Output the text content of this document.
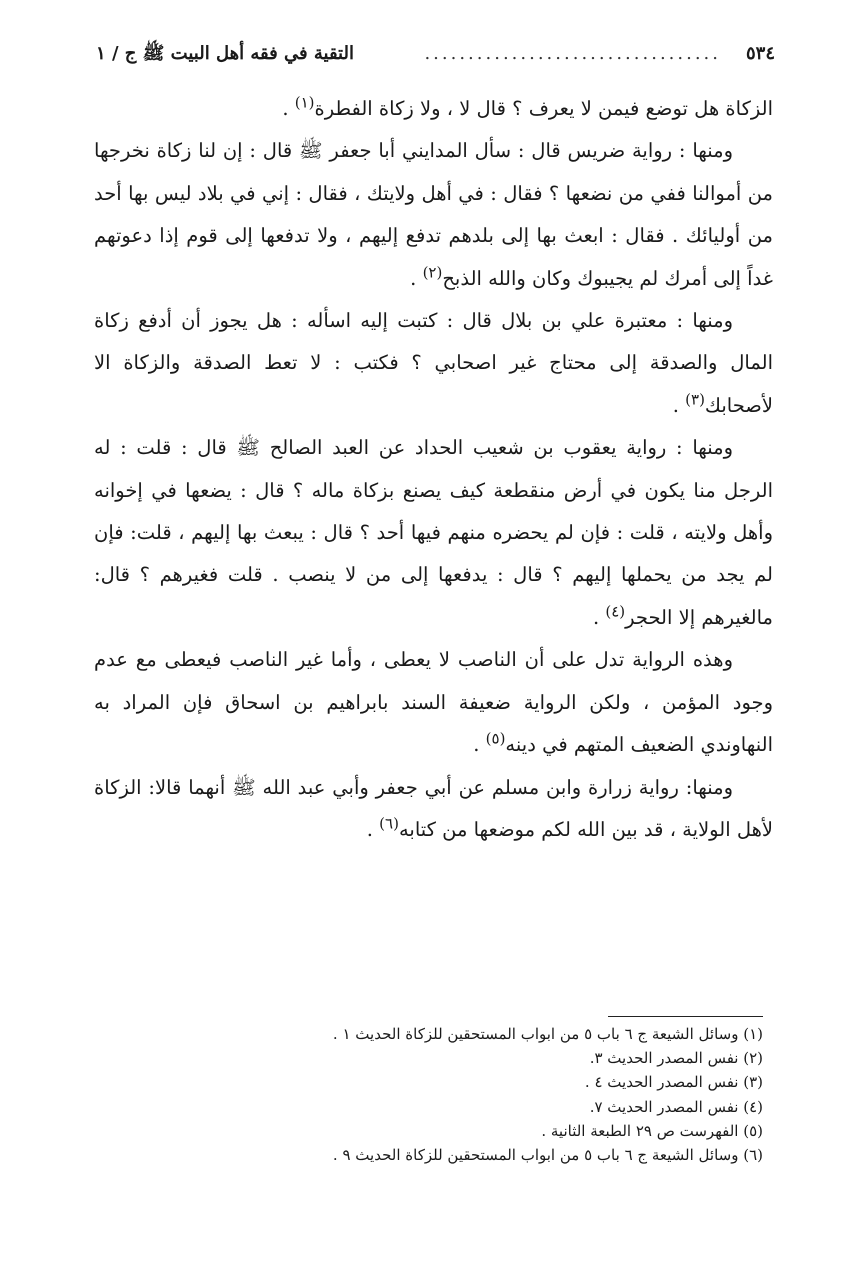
٥٣٤
..................................
التقية في فقه أهل البيت ﷺ ج / ١

الزكاة هل توضع فيمن لا يعرف ؟ قال لا ، ولا زكاة الفطرة$^{(١)}$ .

ومنها : رواية ضريس قال : سأل المدايني أبا جعفر ﷺ قال : إن لنا زكاة نخرجها من أموالنا ففي من نضعها ؟ فقال : في أهل ولايتك ، فقال : إني في بلاد ليس بها أحد من أوليائك . فقال : ابعث بها إلى بلدهم تدفع إليهم ، ولا تدفعها إلى قوم إذا دعوتهم غداً إلى أمرك لم يجيبوك وكان والله الذبح$^{(٢)}$ .

ومنها : معتبرة علي بن بلال قال : كتبت إليه اسأله : هل يجوز أن أدفع زكاة المال والصدقة إلى محتاج غير اصحابي ؟ فكتب : لا تعط الصدقة والزكاة الا لأصحابك$^{(٣)}$ .

ومنها : رواية يعقوب بن شعيب الحداد عن العبد الصالح ﷺ قال : قلت : له الرجل منا يكون في أرض منقطعة كيف يصنع بزكاة ماله ؟ قال : يضعها في إخوانه وأهل ولايته ، قلت : فإن لم يحضره منهم فيها أحد ؟ قال : يبعث بها إليهم ، قلت: فإن لم يجد من يحملها إليهم ؟ قال : يدفعها إلى من لا ينصب . قلت فغيرهم ؟ قال: مالغيرهم إلا الحجر$^{(٤)}$ .

وهذه الرواية تدل على أن الناصب لا يعطى ، وأما غير الناصب فيعطى مع عدم وجود المؤمن ، ولكن الرواية ضعيفة السند بابراهيم بن اسحاق فإن المراد به النهاوندي الضعيف المتهم في دينه$^{(٥)}$ .

ومنها: رواية زرارة وابن مسلم عن أبي جعفر وأبي عبد الله ﷺ أنهما قالا: الزكاة لأهل الولاية ، قد بين الله لكم موضعها من كتابه$^{(٦)}$ .

(١) وسائل الشيعة ج ٦ باب ٥ من ابواب المستحقين للزكاة الحديث ١ .
(٢) نفس المصدر الحديث ٣.
(٣) نفس المصدر الحديث ٤ .
(٤) نفس المصدر الحديث ٧.
(٥) الفهرست ص ٢٩ الطبعة الثانية .
(٦) وسائل الشيعة ج ٦ باب ٥ من ابواب المستحقين للزكاة الحديث ٩ .
